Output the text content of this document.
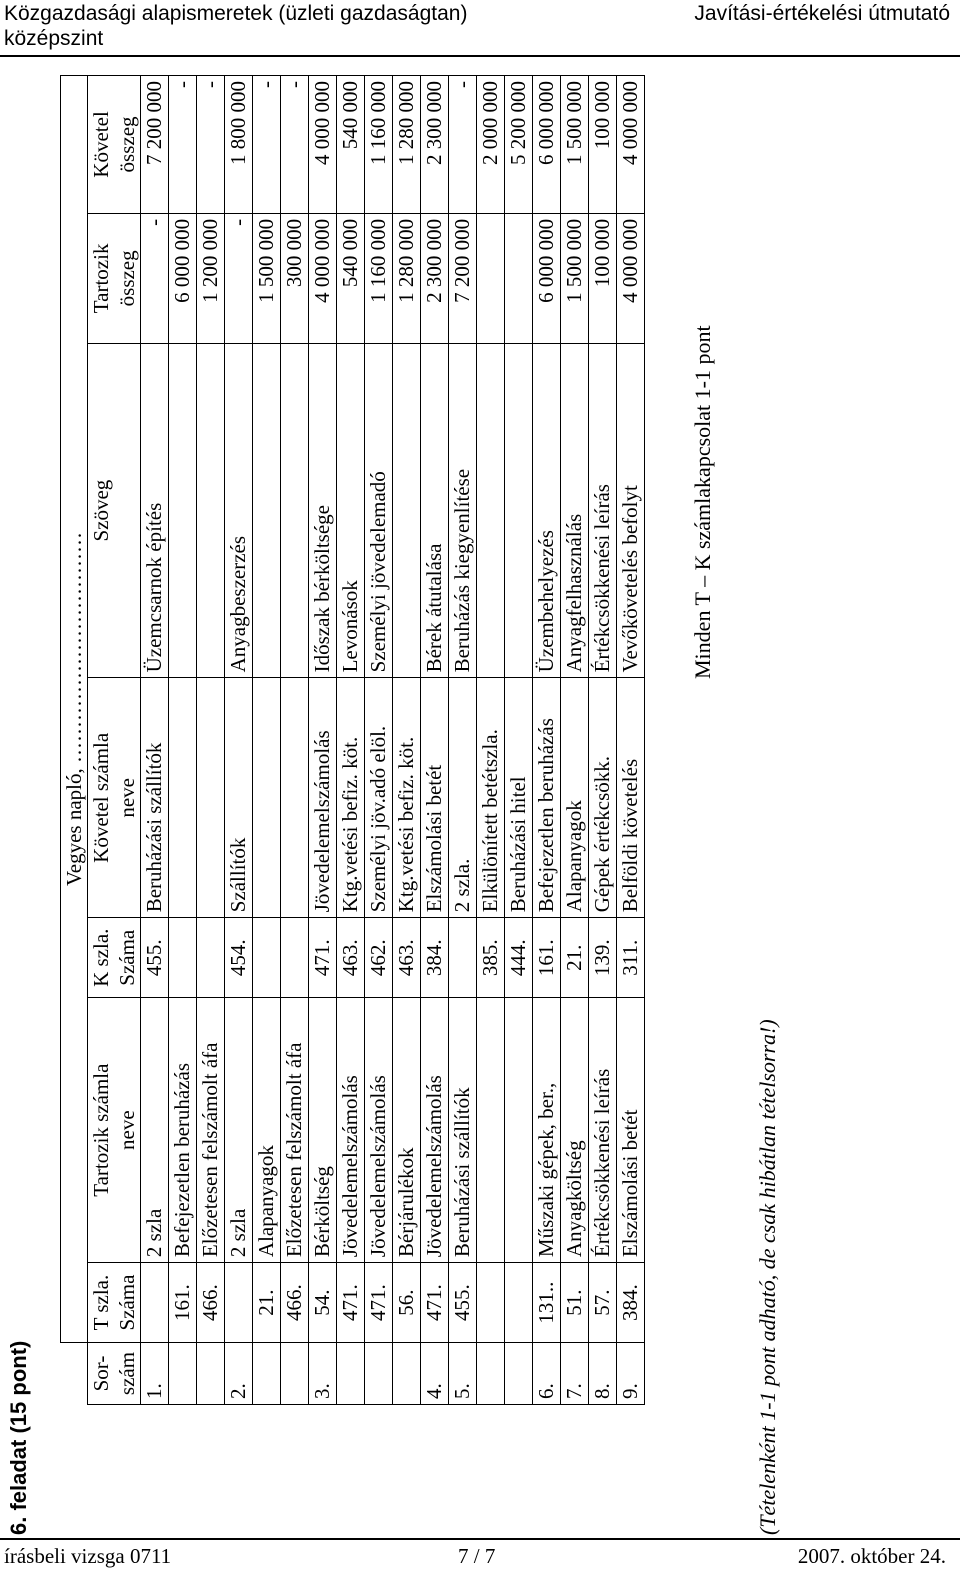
Közgazdasági alapismeretek (üzleti gazdaságtan)
középszint
Javítási-értékelési útmutató
6. feladat (15 pont)
	Vegyes napló, ……………………………						

Sor- szám	T szla. Száma	Tartozik számla neve	K szla. Száma	Követel számla neve	Szöveg	Tartozik összeg	Követel összeg

1.		2 szla	455.	Beruházási szállítók	Üzemcsarnok építés	-	7 200 000
	161.	Befejezetlen beruházás				6 000 000	-
	466.	Előzetesen felszámolt áfa				1 200 000	-
2.		2 szla	454.	Szállítók	Anyagbeszerzés	-	1 800 000
	21.	Alapanyagok				1 500 000	-
	466.	Előzetesen felszámolt áfa				300 000	-
3.	54.	Bérköltség	471.	Jövedelemelszámolás	Időszak bérköltsége	4 000 000	4 000 000
	471.	Jövedelemelszámolás	463.	Ktg.vetési befiz. köt.	Levonások	540 000	540 000
	471.	Jövedelemelszámolás	462.	Személyi jöv.adó elöl.	Személyi jövedelemadó	1 160 000	1 160 000
	56.	Bérjárulékok	463.	Ktg.vetési befiz. köt.		1 280 000	1 280 000
4.	471.	Jövedelemelszámolás	384.	Elszámolási betét	Bérek átutalása	2 300 000	2 300 000
5.	455.	Beruházási szállítók		2 szla.	Beruházás kiegyenlítése	7 200 000	-
			385.	Elkülönített betétszla.			2 000 000
			444.	Beruházási hitel			5 200 000
6.	131..	Műszaki gépek, ber.,	161.	Befejezetlen beruházás	Üzembehelyezés	6 000 000	6 000 000
7.	51.	Anyagköltség	21.	Alapanyagok	Anyagfelhasználás	1 500 000	1 500 000
8.	57.	Értékcsökkenési leírás	139.	Gépek értékcsökk.	Értékcsökkenési leírás	100 000	100 000
9.	384.	Elszámolási betét	311.	Belföldi követelés	Vevőkövetelés befolyt	4 000 000	4 000 000
Minden T – K számlakapcsolat 1-1 pont
(Tételenként 1-1 pont adható, de csak hibátlan tételsorra!)
írásbeli vizsga 0711	7 / 7	2007. október 24.
